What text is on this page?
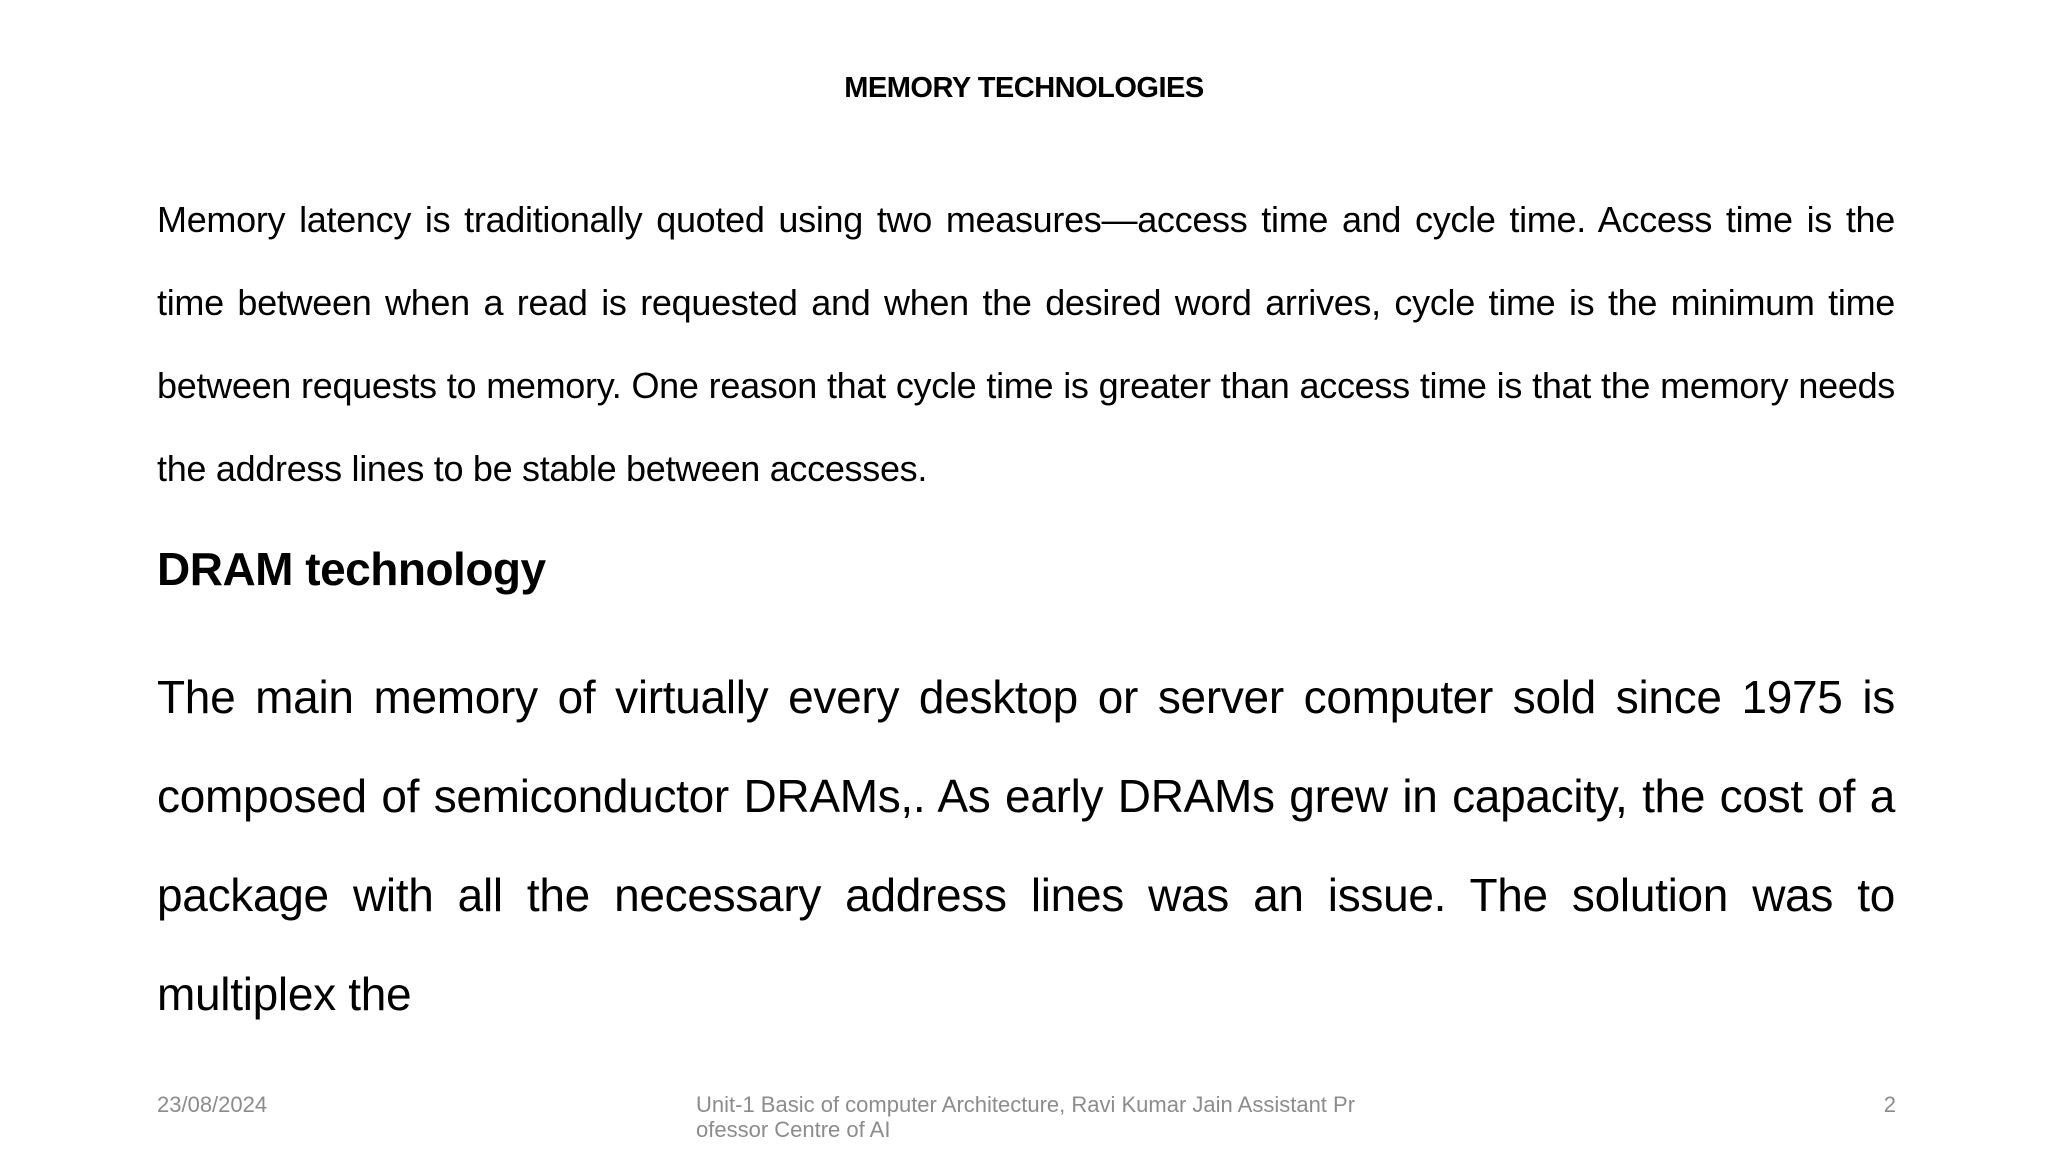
MEMORY TECHNOLOGIES
Memory latency is traditionally quoted using two measures—access time and cycle time. Access time is the time between when a read is requested and when the desired word arrives, cycle time is the minimum time between requests to memory. One reason that cycle time is greater than access time is that the memory needs the address lines to be stable between accesses.
DRAM technology
The main memory of virtually every desktop or server computer sold since 1975 is composed of semiconductor DRAMs,. As early DRAMs grew in capacity, the cost of a package with all the necessary address lines was an issue. The solution was to multiplex the
23/08/2024	Unit-1 Basic of computer Architecture, Ravi Kumar Jain Assistant Professor Centre of AI
2
